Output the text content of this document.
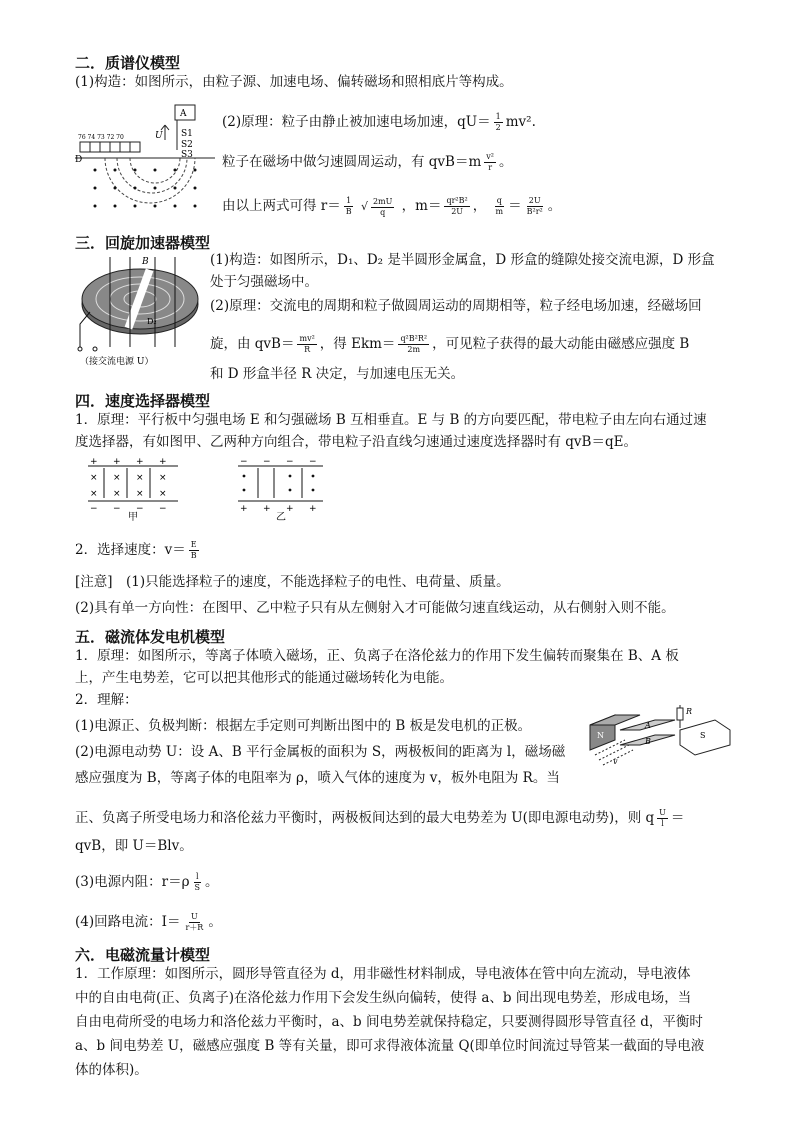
二．质谱仪模型
(1)构造：如图所示，由粒子源、加速电场、偏转磁场和照相底片等构成。
A
U S1
S2
S3
D
76 74 73 72 70
(2)原理：粒子由静止被加速电场加速，$qU= \frac{1}{2} mv^2$.
粒子在磁场中做匀速圆周运动，有 $qvB=m \frac{\text{v²}}{r}$ 。
由以上两式可得 $r= \frac{1}{B}$ √ $\frac{2mU}{q}$ ，$m= \frac{\text{qr²B²}}{2U}$ ， $\frac{q}{m} = \frac{2U}{\text{B²r²}}$ 。
三．回旋加速器模型
B
D₂
（接交流电源 U）
(1)构造：如图所示，D₁、D₂ 是半圆形金属盒，D 形盒的缝隙处接交流电源，D 形盒
处于匀强磁场中。
(2)原理：交流电的周期和粒子做圆周运动的周期相等，粒子经电场加速，经磁场回
旋，由 $qvB= \frac{\text{mv²}}{R}$ ，得 $Ekm= \frac{\text{q²B²R²}}{2m}$ ，可见粒子获得的最大动能由磁感应强度 B
和 D 形盒半径 R 决定，与加速电压无关。
四．速度选择器模型
1．原理：平行板中匀强电场 E 和匀强磁场 B 互相垂直。E 与 B 的方向要匹配，带电粒子由左向右通过速
度选择器，有如图甲、乙两种方向组合，带电粒子沿直线匀速通过速度选择器时有 qvB＝qE。
+ + + +
× × × ×
× × × ×
− − − −
甲
− − − −
+ + + +
乙
2．选择速度：$v= \frac{E}{B}$
[注意]　(1)只能选择粒子的速度，不能选择粒子的电性、电荷量、质量。
(2)具有单一方向性：在图甲、乙中粒子只有从左侧射入才可能做匀速直线运动，从右侧射入则不能。
五．磁流体发电机模型
1．原理：如图所示，等离子体喷入磁场，正、负离子在洛伦兹力的作用下发生偏转而聚集在 B、A 板
上，产生电势差，它可以把其他形式的能通过磁场转化为电能。
2．理解：
(1)电源正、负极判断：根据左手定则可判断出图中的 B 板是发电机的正极。
(2)电源电动势 U：设 A、B 平行金属板的面积为 S，两极板间的距离为 l，磁场磁
感应强度为 B，等离子体的电阻率为 ρ，喷入气体的速度为 v，板外电阻为 R。当
N
A
B
S
R
v
正、负离子所受电场力和洛伦兹力平衡时，两极板间达到的最大电势差为 U(即电源电动势)，则 q $\frac{U}{l}$ ＝
qvB，即 U＝Blv。
(3)电源内阻：$r=\rho \frac{l}{S}$ 。
(4)回路电流：$I= \frac{U}{r+R}$ 。
六．电磁流量计模型
1．工作原理：如图所示，圆形导管直径为 d，用非磁性材料制成，导电液体在管中向左流动，导电液体
中的自由电荷(正、负离子)在洛伦兹力作用下会发生纵向偏转，使得 a、b 间出现电势差，形成电场，当
自由电荷所受的电场力和洛伦兹力平衡时，a、b 间电势差就保持稳定，只要测得圆形导管直径 d，平衡时
a、b 间电势差 U，磁感应强度 B 等有关量，即可求得液体流量 Q(即单位时间流过导管某一截面的导电液
体的体积)。
